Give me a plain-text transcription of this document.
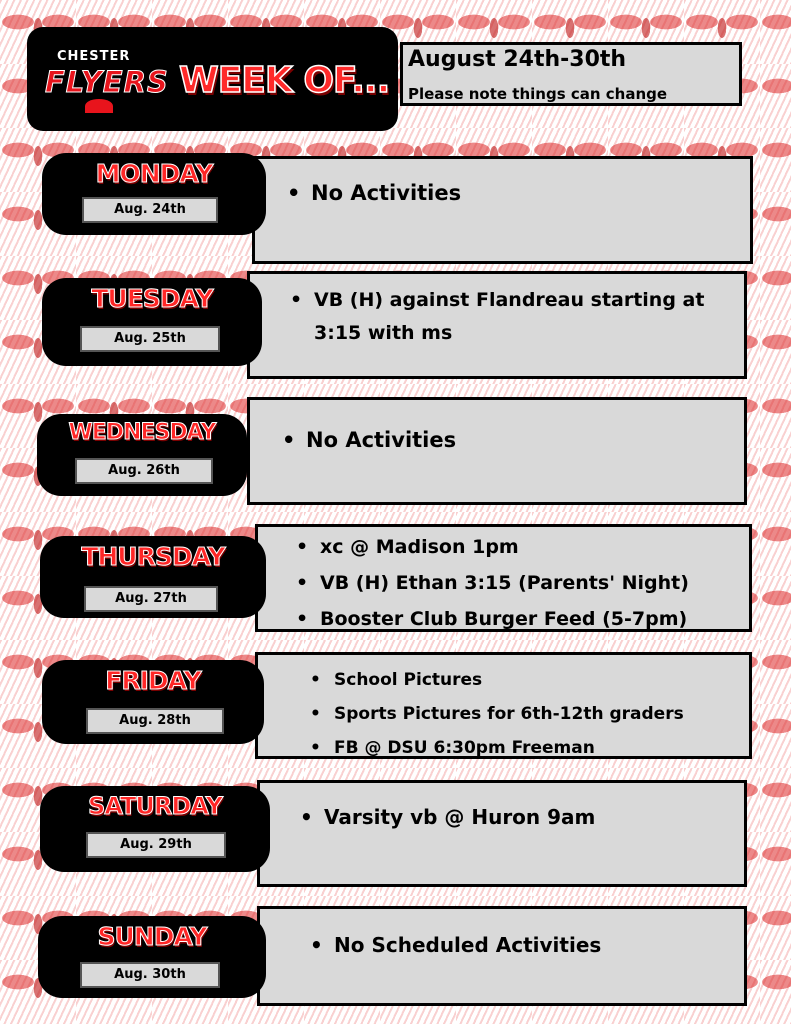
CHESTER
FLYERS WEEK OF...
August 24th-30th
Please note things can change
• No Activities
MONDAY
Aug. 24th
• VB (H) against Flandreau starting at 3:15 with ms
TUESDAY
Aug. 25th
• No Activities
WEDNESDAY
Aug. 26th
• xc @ Madison 1pm
• VB (H) Ethan 3:15 (Parents' Night)
• Booster Club Burger Feed (5-7pm)
THURSDAY
Aug. 27th
• School Pictures
• Sports Pictures for 6th-12th graders
• FB @ DSU 6:30pm Freeman
FRIDAY
Aug. 28th
• Varsity vb @ Huron 9am
SATURDAY
Aug. 29th
• No Scheduled Activities
SUNDAY
Aug. 30th
